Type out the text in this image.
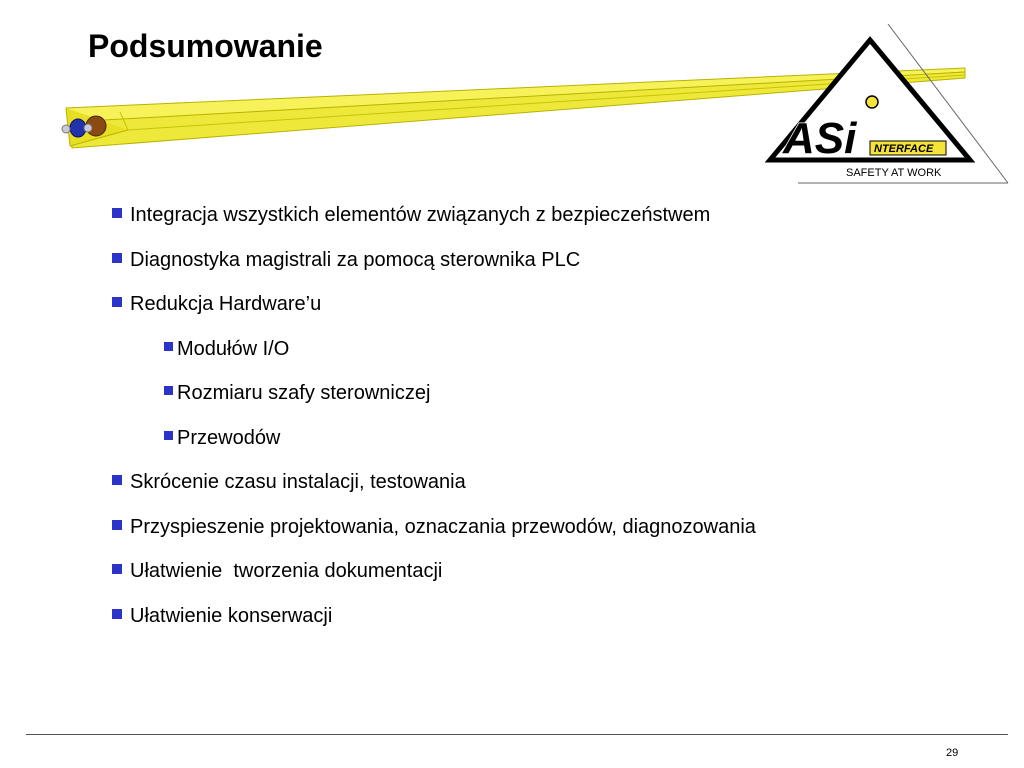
Podsumowanie
ASi NTERFACE
SAFETY AT WORK
Integracja wszystkich elementów związanych z bezpieczeństwem
Diagnostyka magistrali za pomocą sterownika PLC
Redukcja Hardware’u
Modułów I/O
Rozmiaru szafy sterowniczej
Przewodów
Skrócenie czasu instalacji, testowania
Przyspieszenie projektowania, oznaczania przewodów, diagnozowania
Ułatwienie  tworzenia dokumentacji
Ułatwienie konserwacji
29
